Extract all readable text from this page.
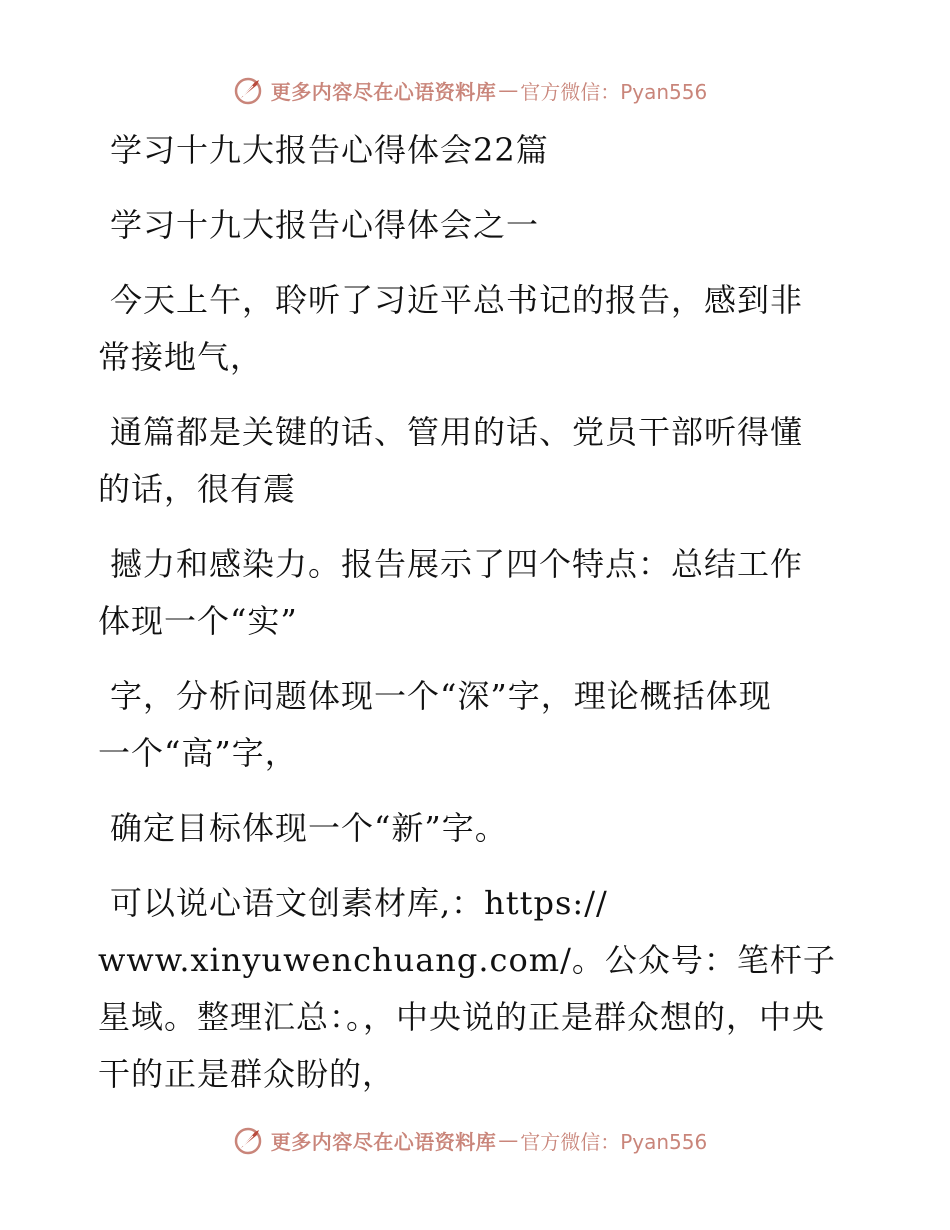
更多内容尽在心语资料库 — 官方微信：Pyan556
学习十九大报告心得体会22篇
学习十九大报告心得体会之一
今天上午，聆听了习近平总书记的报告，感到非
常接地气，
通篇都是关键的话、管用的话、党员干部听得懂
的话，很有震
撼力和感染力。报告展示了四个特点：总结工作
体现一个“实”
字，分析问题体现一个“深”字，理论概括体现
一个“高”字，
确定目标体现一个“新”字。
可以说心语文创素材库,：https://
www.xinyuwenchuang.com/。公众号：笔杆子星域。整理汇总：。，中央说的正是群众想的，中央干的正是群众盼的，
更多内容尽在心语资料库 — 官方微信：Pyan556
